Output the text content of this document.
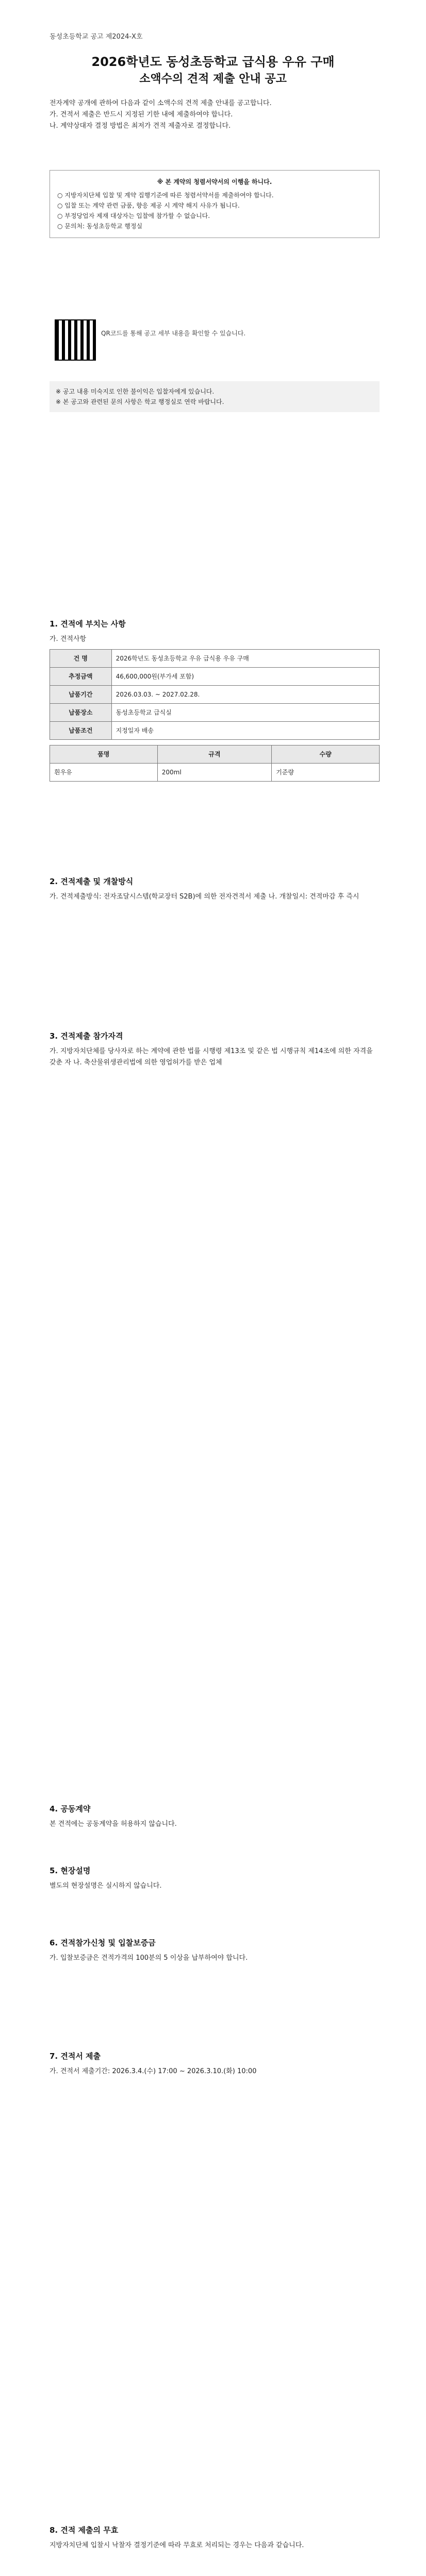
동성초등학교 공고 제2024-X호
2026학년도 동성초등학교 급식용 우유 구매
소액수의 견적 제출 안내 공고
전자계약 공개에 관하여 다음과 같이 소액수의 견적 제출 안내를 공고합니다.
가. 견적서 제출은 반드시 지정된 기한 내에 제출하여야 합니다.
나. 계약상대자 결정 방법은 최저가 견적 제출자로 결정합니다.
※ 본 계약의 청렴서약서의 이행을 하니다.
○ 지방자치단체 입찰 및 계약 집행기준에 따른 청렴서약서를 제출하여야 합니다.
○ 입찰 또는 계약 관련 금품, 향응 제공 시 계약 해지 사유가 됩니다.
○ 부정당업자 제재 대상자는 입찰에 참가할 수 없습니다.
○ 문의처: 동성초등학교 행정실
QR코드를 통해 공고 세부 내용을 확인할 수 있습니다.
※ 공고 내용 미숙지로 인한 불이익은 입찰자에게 있습니다.
※ 본 공고와 관련된 문의 사항은 학교 행정실로 연락 바랍니다.
1. 견적에 부치는 사항
가. 견적사항
건 명	2026학년도 동성초등학교 우유 급식용 우유 구매
추정금액	46,600,000원(부가세 포함)
납품기간	2026.03.03. ~ 2027.02.28.
납품장소	동성초등학교 급식실
납품조건	지정일자 배송
품명	규격	수량
흰우유	200ml	기준량
2. 견적제출 및 개찰방식
가. 견적제출방식: 전자조달시스템(학교장터 S2B)에 의한 전자견적서 제출 나. 개찰일시: 견적마감 후 즉시
3. 견적제출 참가자격
가. 지방자치단체를 당사자로 하는 계약에 관한 법률 시행령 제13조 및 같은 법 시행규칙 제14조에 의한 자격을 갖춘 자 나. 축산물위생관리법에 의한 영업허가를 받은 업체
4. 공동계약
본 견적에는 공동계약을 허용하지 않습니다.
5. 현장설명
별도의 현장설명은 실시하지 않습니다.
6. 견적참가신청 및 입찰보증금
가. 입찰보증금은 견적가격의 100분의 5 이상을 납부하여야 합니다.
7. 견적서 제출
가. 견적서 제출기간: 2026.3.4.(수) 17:00 ~ 2026.3.10.(화) 10:00
8. 견적 제출의 무효
지방자치단체 입찰시 낙찰자 결정기준에 따라 무효로 처리되는 경우는 다음과 같습니다.
